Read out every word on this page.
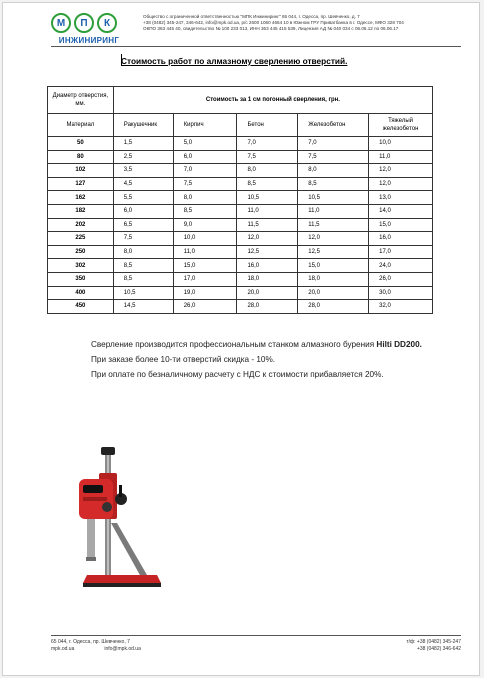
М	П	К
ИНЖИНИРИНГ
Общество с ограниченной ответственностью "МПК Инжиниринг" 65 044, г. Одесса, пр. Шевченко, д. 7
+38 (0482) 345-247, 346-642, info@mpk.od.ua, р/с 2600 1060 4664 10 в Южном ГРУ Приватбанка в г. Одессе, МФО 328 704
ОКПО 363 445 40, свидетельство № 100 233 013, ИНН 363 445 415 539, Лицензия АД № 040 034 с 06.06.12 по 06.06.17
Стоимость работ по алмазному сверлению отверстий.
Диаметр отверстия, мм.	Стоимость за 1 см погонный сверления, грн.				
Материал	Ракушечник	Кирпич	Бетон	Железобетон	Тяжелый железобетон
50	1,5	5,0	7,0	7,0	10,0
80	2,5	6,0	7,5	7,5	11,0
102	3,5	7,0	8,0	8,0	12,0
127	4,5	7,5	8,5	8,5	12,0
162	5,5	8,0	10,5	10,5	13,0
182	6,0	8,5	11,0	11,0	14,0
202	6,5	9,0	11,5	11,5	15,0
225	7,5	10,0	12,0	12,0	16,0
250	8,0	11,0	12,5	12,5	17,0
302	8,5	15,0	16,0	15,0	24,0
350	8,5	17,0	18,0	18,0	26,0
400	10,5	19,0	20,0	20,0	30,0
450	14,5	26,0	28,0	28,0	32,0
Сверление производится профессиональным станком алмазного бурения Hilti DD200.
При заказе более 10-ти отверстий скидка - 10%.
При оплате по безналичному расчету с НДС к стоимости прибавляется 20%.
65 044, г. Одесса, пр. Шевченко, 7
mpk.od.ua	info@mpk.od.ua
т/ф: +38 (0482) 345-247
+38 (0482) 346-642
